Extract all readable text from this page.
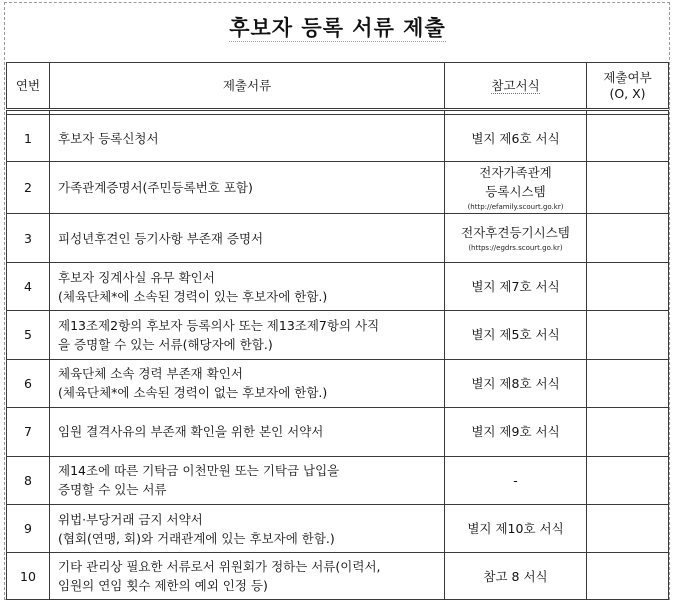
후보자 등록 서류 제출
연번	제출서류	참고서식	제출여부
(O, X)

1	후보자 등록신청서	별지 제6호 서식	

2	가족관계증명서(주민등록번호 포함)	전자가족관계
등록시스템
(http://efamily.scourt.go.kr)	

3	피성년후견인 등기사항 부존재 증명서	전자후견등기시스템
(https://egdrs.scourt.go.kr)	

4	후보자 징계사실 유무 확인서
(체육단체*에 소속된 경력이 있는 후보자에 한함.)	별지 제7호 서식	

5	제13조제2항의 후보자 등록의사 또는 제13조제7항의 사직
을 증명할 수 있는 서류(해당자에 한함.)	별지 제5호 서식	

6	체육단체 소속 경력 부존재 확인서
(체육단체*에 소속된 경력이 없는 후보자에 한함.)	별지 제8호 서식	

7	임원 결격사유의 부존재 확인을 위한 본인 서약서	별지 제9호 서식	

8	제14조에 따른 기탁금 이천만원 또는 기탁금 납입을
증명할 수 있는 서류	-	

9	위법·부당거래 금지 서약서
(협회(연맹, 회)와 거래관계에 있는 후보자에 한함.)	별지 제10호 서식	

10	기타 관리상 필요한 서류로서 위원회가 정하는 서류(이력서,
임원의 연임 횟수 제한의 예외 인정 등)	참고 8 서식	
